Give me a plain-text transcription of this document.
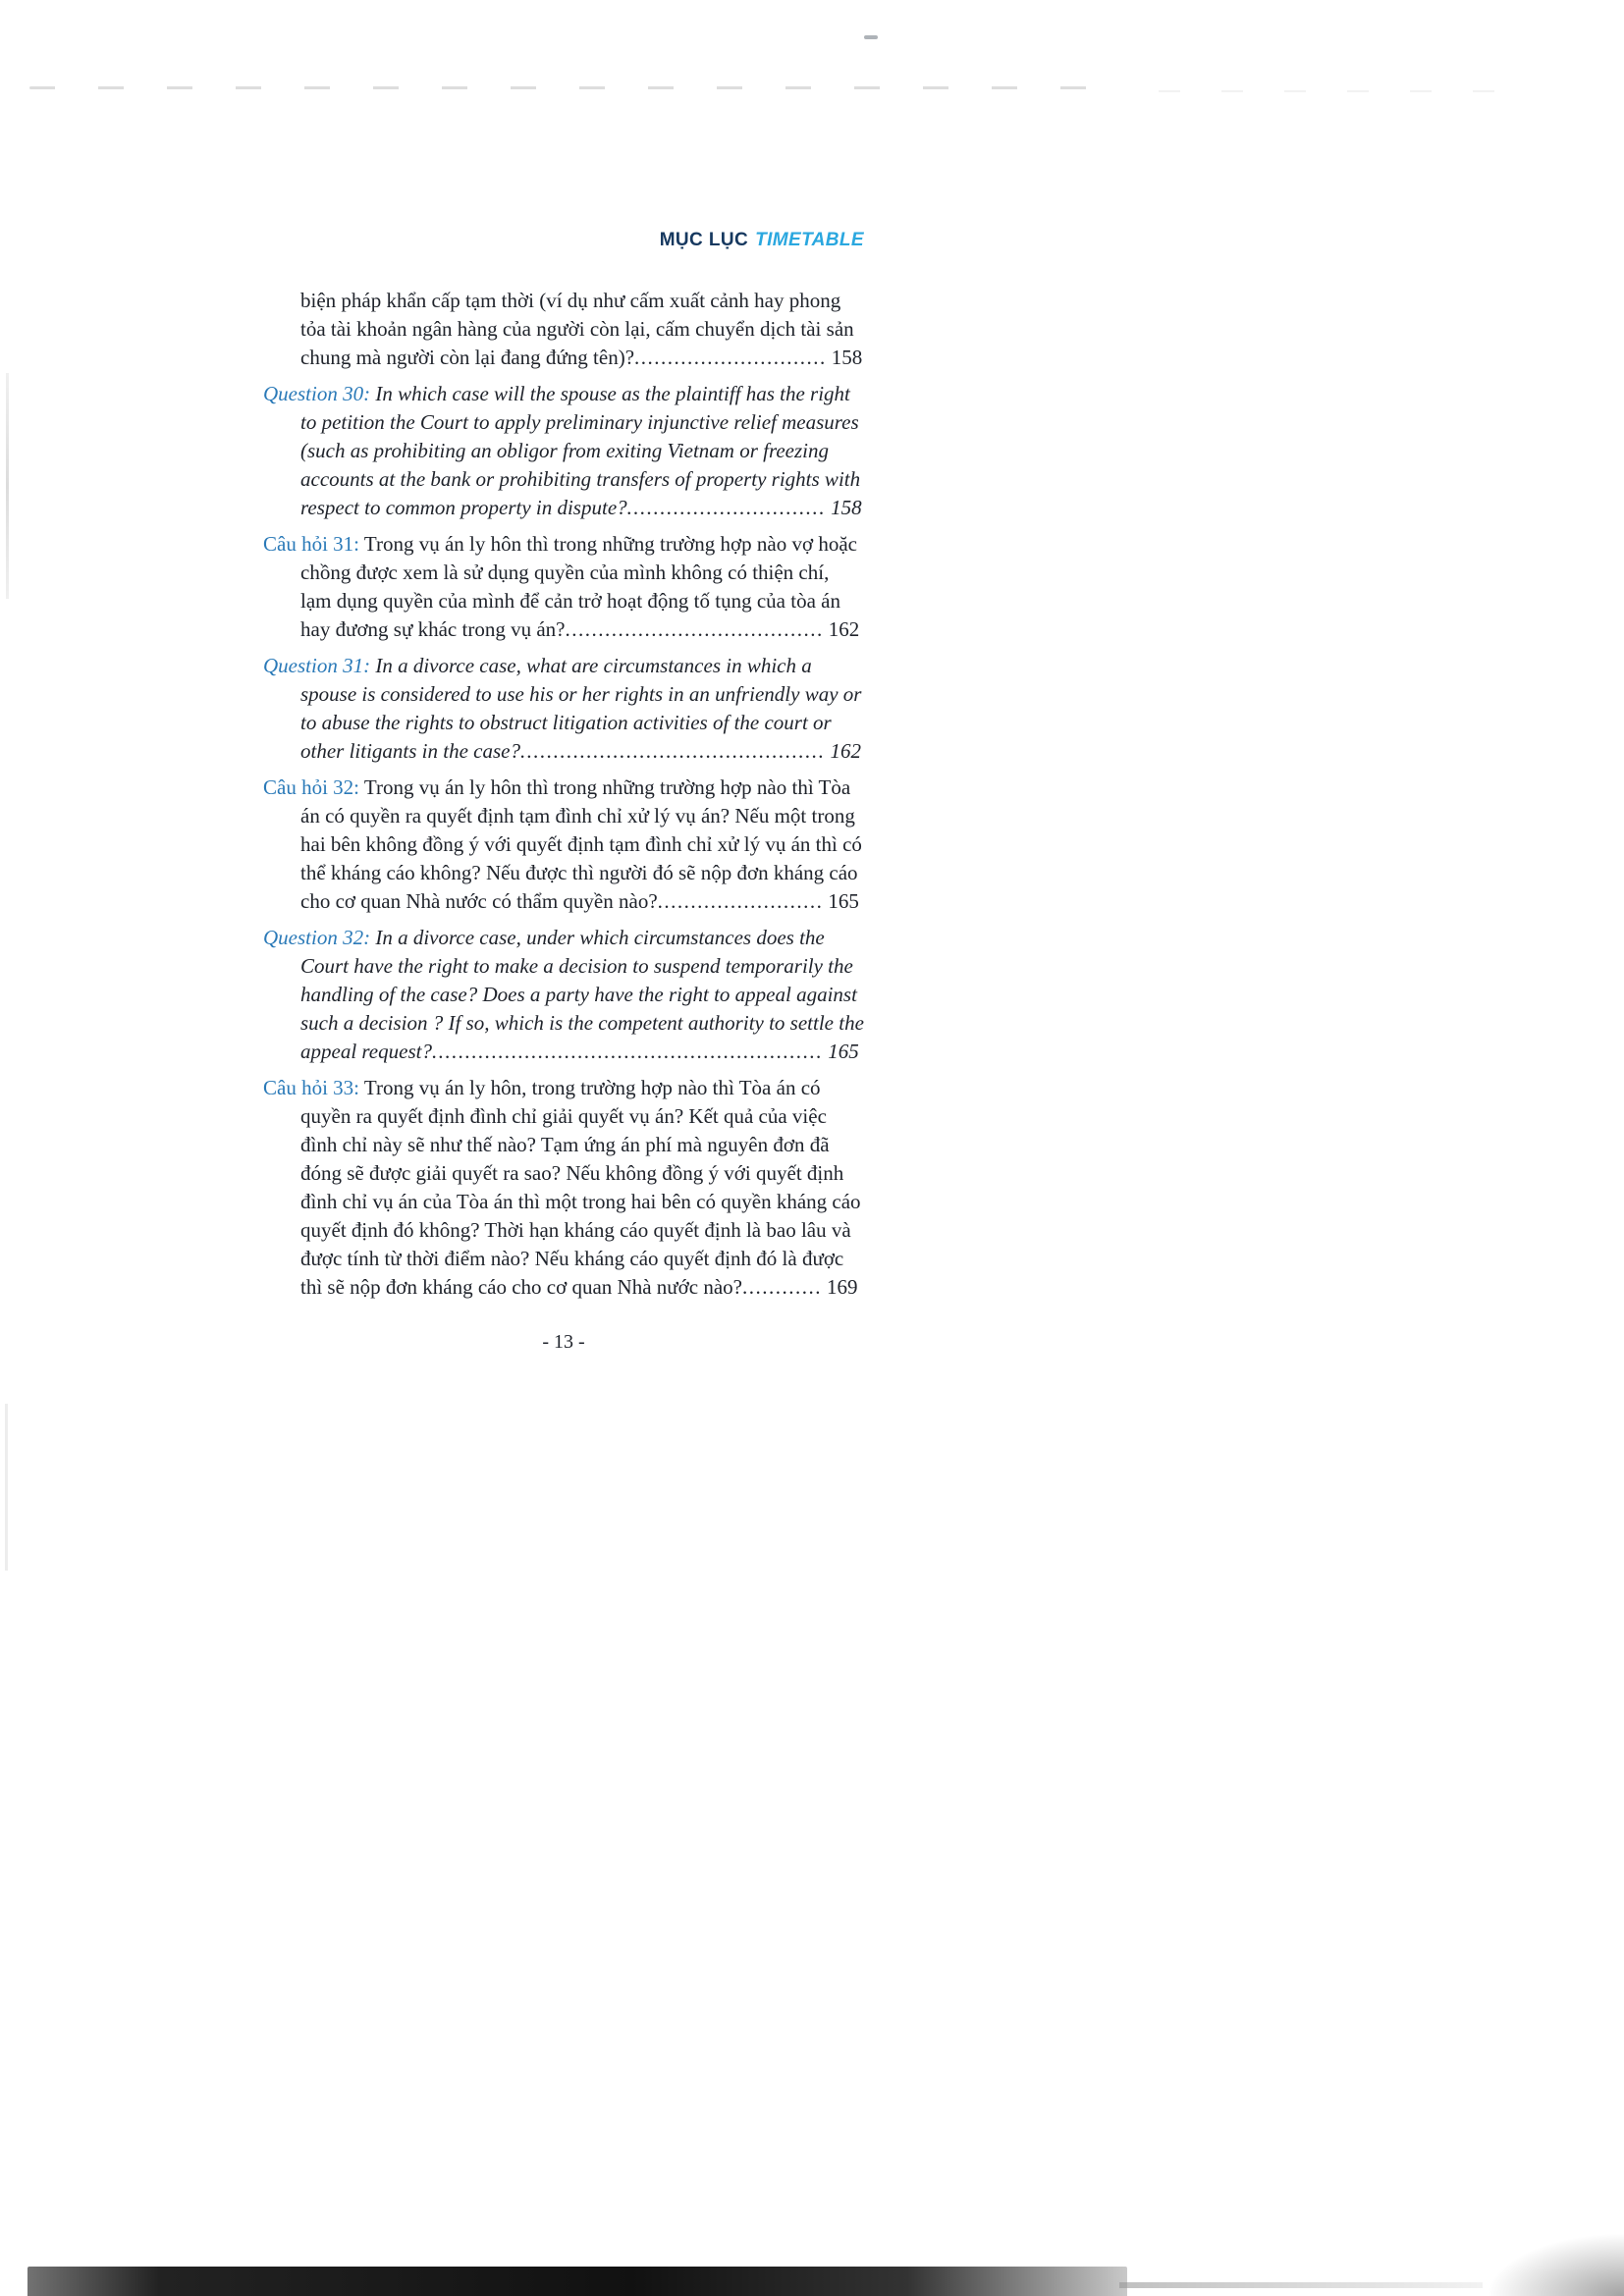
MỤC LỤC TIMETABLE

biện pháp khẩn cấp tạm thời (ví dụ như cấm xuất cảnh hay phong tỏa tài khoản ngân hàng của người còn lại, cấm chuyển dịch tài sản chung mà người còn lại đang đứng tên)?............................. 158

Question 30: In which case will the spouse as the plaintiff has the right to petition the Court to apply preliminary injunctive relief measures (such as prohibiting an obligor from exiting Vietnam or freezing accounts at the bank or prohibiting transfers of property rights with respect to common property in dispute?.............................. 158

Câu hỏi 31: Trong vụ án ly hôn thì trong những trường hợp nào vợ hoặc chồng được xem là sử dụng quyền của mình không có thiện chí, lạm dụng quyền của mình để cản trở hoạt động tố tụng của tòa án hay đương sự khác trong vụ án?....................................... 162

Question 31: In a divorce case, what are circumstances in which a spouse is considered to use his or her rights in an unfriendly way or to abuse the rights to obstruct litigation activities of the court or other litigants in the case?.............................................. 162

Câu hỏi 32: Trong vụ án ly hôn thì trong những trường hợp nào thì Tòa án có quyền ra quyết định tạm đình chỉ xử lý vụ án? Nếu một trong hai bên không đồng ý với quyết định tạm đình chỉ xử lý vụ án thì có thể kháng cáo không? Nếu được thì người đó sẽ nộp đơn kháng cáo cho cơ quan Nhà nước có thẩm quyền nào?......................... 165

Question 32: In a divorce case, under which circumstances does the Court have the right to make a decision to suspend temporarily the handling of the case? Does a party have the right to appeal against such a decision ? If so, which is the competent authority to settle the appeal request?........................................................... 165

Câu hỏi 33: Trong vụ án ly hôn, trong trường hợp nào thì Tòa án có quyền ra quyết định đình chỉ giải quyết vụ án? Kết quả của việc đình chỉ này sẽ như thế nào? Tạm ứng án phí mà nguyên đơn đã đóng sẽ được giải quyết ra sao? Nếu không đồng ý với quyết định đình chỉ vụ án của Tòa án thì một trong hai bên có quyền kháng cáo quyết định đó không? Thời hạn kháng cáo quyết định là bao lâu và được tính từ thời điểm nào? Nếu kháng cáo quyết định đó là được thì sẽ nộp đơn kháng cáo cho cơ quan Nhà nước nào?............ 169

- 13 -
